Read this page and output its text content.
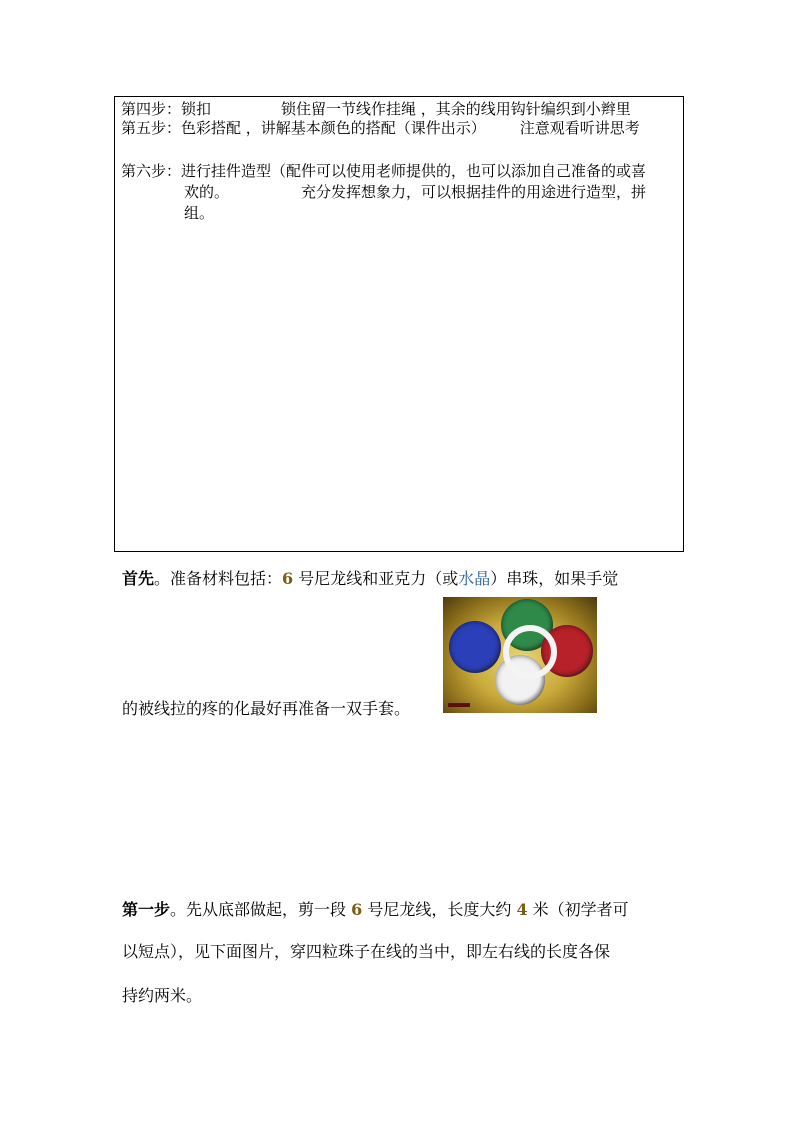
第四步：锁扣	锁住留一节线作挂绳 ，其余的线用钩针编织到小辫里
第五步：色彩搭配 ，讲解基本颜色的搭配（课件出示） 注意观看听讲思考
第六步：进行挂件造型（配件可以使用老师提供的，也可以添加自己准备的或喜
欢的。	充分发挥想象力，可以根据挂件的用途进行造型，拼
组。
首先。准备材料包括：6 号尼龙线和亚克力（或水晶）串珠，如果手觉
的被线拉的疼的化最好再准备一双手套。
第一步。先从底部做起，剪一段 6 号尼龙线，长度大约 4 米（初学者可
以短点），见下面图片，穿四粒珠子在线的当中，即左右线的长度各保
持约两米。
